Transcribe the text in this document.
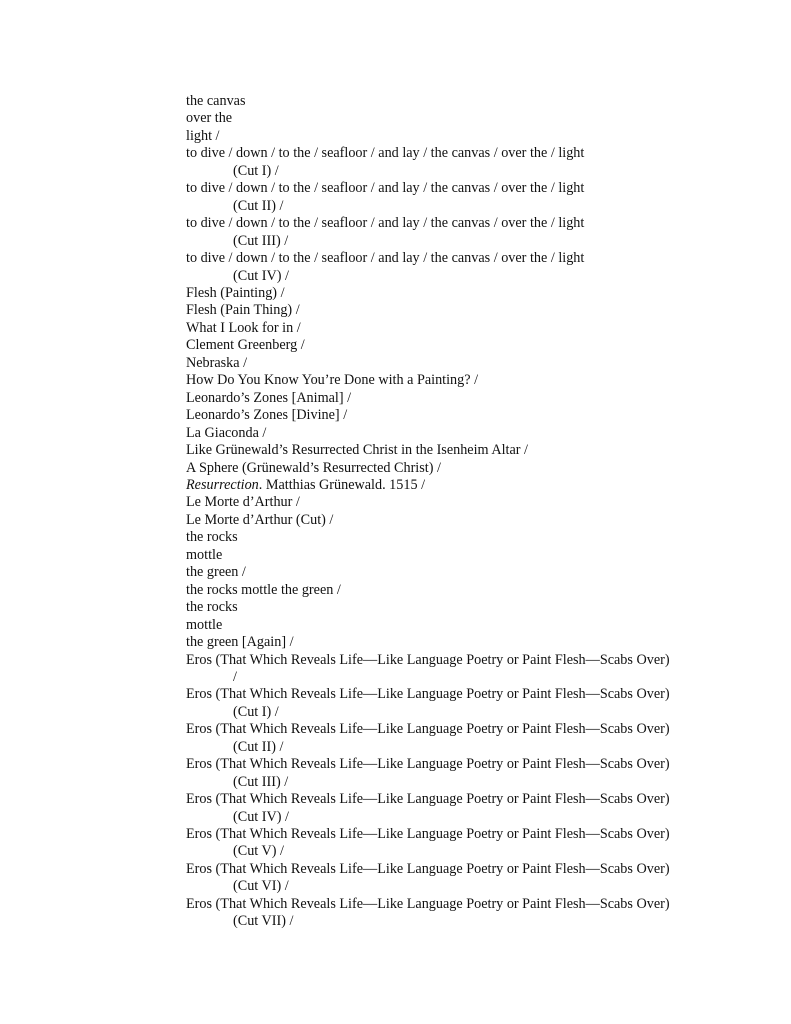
the canvas
over the
light /
to dive / down / to the / seafloor / and lay / the canvas / over the / light
(Cut I) /
to dive / down / to the / seafloor / and lay / the canvas / over the / light
(Cut II) /
to dive / down / to the / seafloor / and lay / the canvas / over the / light
(Cut III) /
to dive / down / to the / seafloor / and lay / the canvas / over the / light
(Cut IV) /
Flesh (Painting) /
Flesh (Pain Thing) /
What I Look for in /
Clement Greenberg /
Nebraska /
How Do You Know You’re Done with a Painting? /
Leonardo’s Zones [Animal] /
Leonardo’s Zones [Divine] /
La Giaconda /
Like Grünewald’s Resurrected Christ in the Isenheim Altar /
A Sphere (Grünewald’s Resurrected Christ) /
Resurrection. Matthias Grünewald. 1515 /
Le Morte d’Arthur /
Le Morte d’Arthur (Cut) /
the rocks
mottle
the green /
the rocks mottle the green /
the rocks
mottle
the green [Again] /
Eros (That Which Reveals Life—Like Language Poetry or Paint Flesh—Scabs Over)
/
Eros (That Which Reveals Life—Like Language Poetry or Paint Flesh—Scabs Over)
(Cut I) /
Eros (That Which Reveals Life—Like Language Poetry or Paint Flesh—Scabs Over)
(Cut II) /
Eros (That Which Reveals Life—Like Language Poetry or Paint Flesh—Scabs Over)
(Cut III) /
Eros (That Which Reveals Life—Like Language Poetry or Paint Flesh—Scabs Over)
(Cut IV) /
Eros (That Which Reveals Life—Like Language Poetry or Paint Flesh—Scabs Over)
(Cut V) /
Eros (That Which Reveals Life—Like Language Poetry or Paint Flesh—Scabs Over)
(Cut VI) /
Eros (That Which Reveals Life—Like Language Poetry or Paint Flesh—Scabs Over)
(Cut VII) /
